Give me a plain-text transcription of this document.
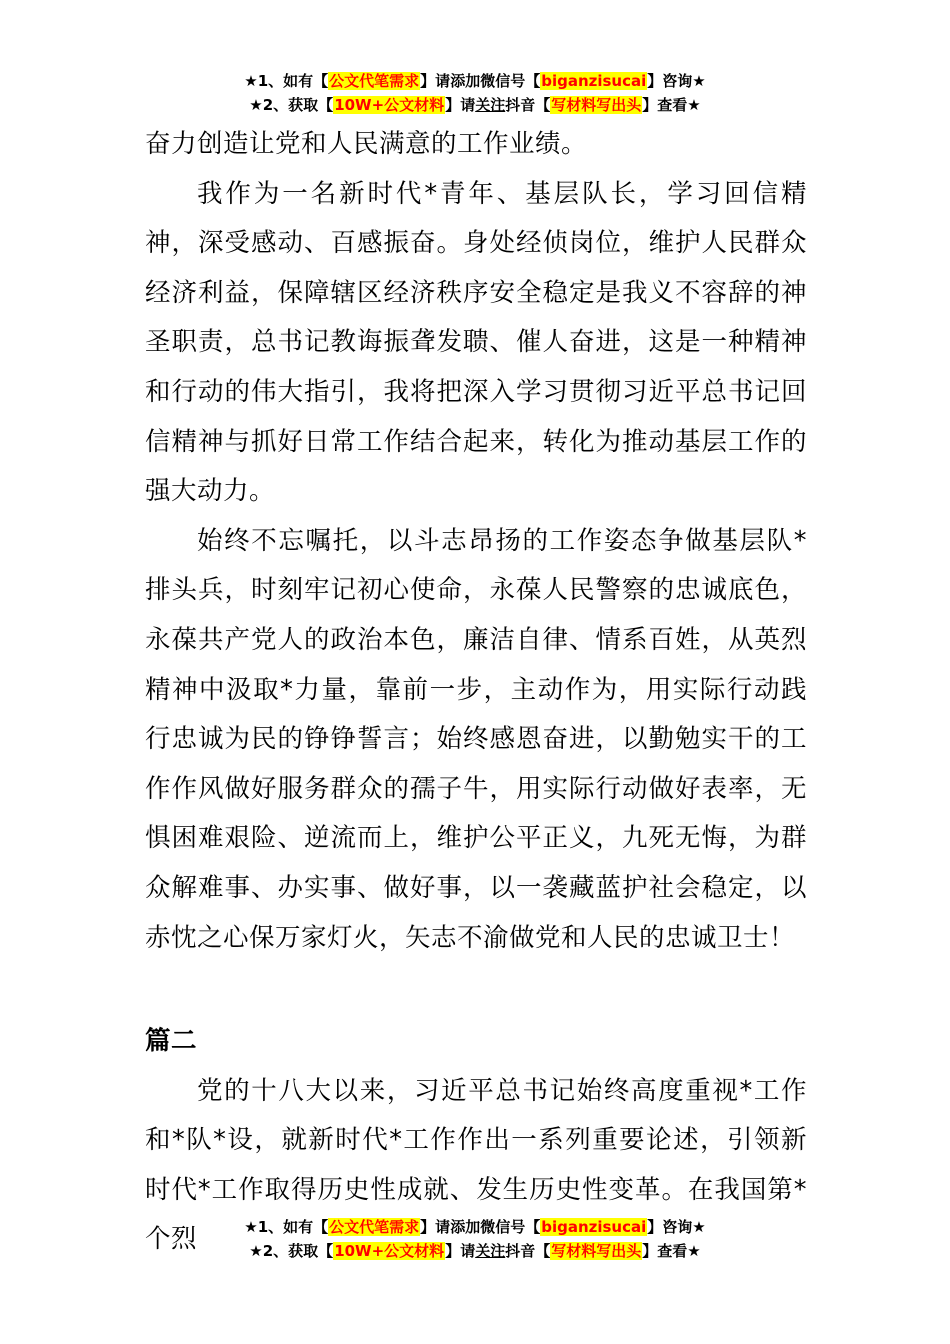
★1、如有【公文代笔需求】请添加微信号【biganzisucai】咨询★
★2、获取【10W+公文材料】请关注抖音【写材料写出头】查看★

奋力创造让党和人民满意的工作业绩。

我作为一名新时代*青年、基层队长，学习回信精神，深受感动、百感振奋。身处经侦岗位，维护人民群众经济利益，保障辖区经济秩序安全稳定是我义不容辞的神圣职责，总书记教诲振聋发聩、催人奋进，这是一种精神和行动的伟大指引，我将把深入学习贯彻习近平总书记回信精神与抓好日常工作结合起来，转化为推动基层工作的强大动力。

始终不忘嘱托，以斗志昂扬的工作姿态争做基层队*排头兵，时刻牢记初心使命，永葆人民警察的忠诚底色，永葆共产党人的政治本色，廉洁自律、情系百姓，从英烈精神中汲取*力量，靠前一步，主动作为，用实际行动践行忠诚为民的铮铮誓言；始终感恩奋进，以勤勉实干的工作作风做好服务群众的孺子牛，用实际行动做好表率，无惧困难艰险、逆流而上，维护公平正义，九死无悔，为群众解难事、办实事、做好事，以一袭藏蓝护社会稳定，以赤忱之心保万家灯火，矢志不渝做党和人民的忠诚卫士！

篇二

党的十八大以来，习近平总书记始终高度重视*工作和*队*设，就新时代*工作作出一系列重要论述，引领新时代*工作取得历史性成就、发生历史性变革。在我国第*个烈	★1、如有【公文代笔需求】请添加微信号【biganzisucai】咨询★
★2、获取【10W+公文材料】请关注抖音【写材料写出头】查看★
